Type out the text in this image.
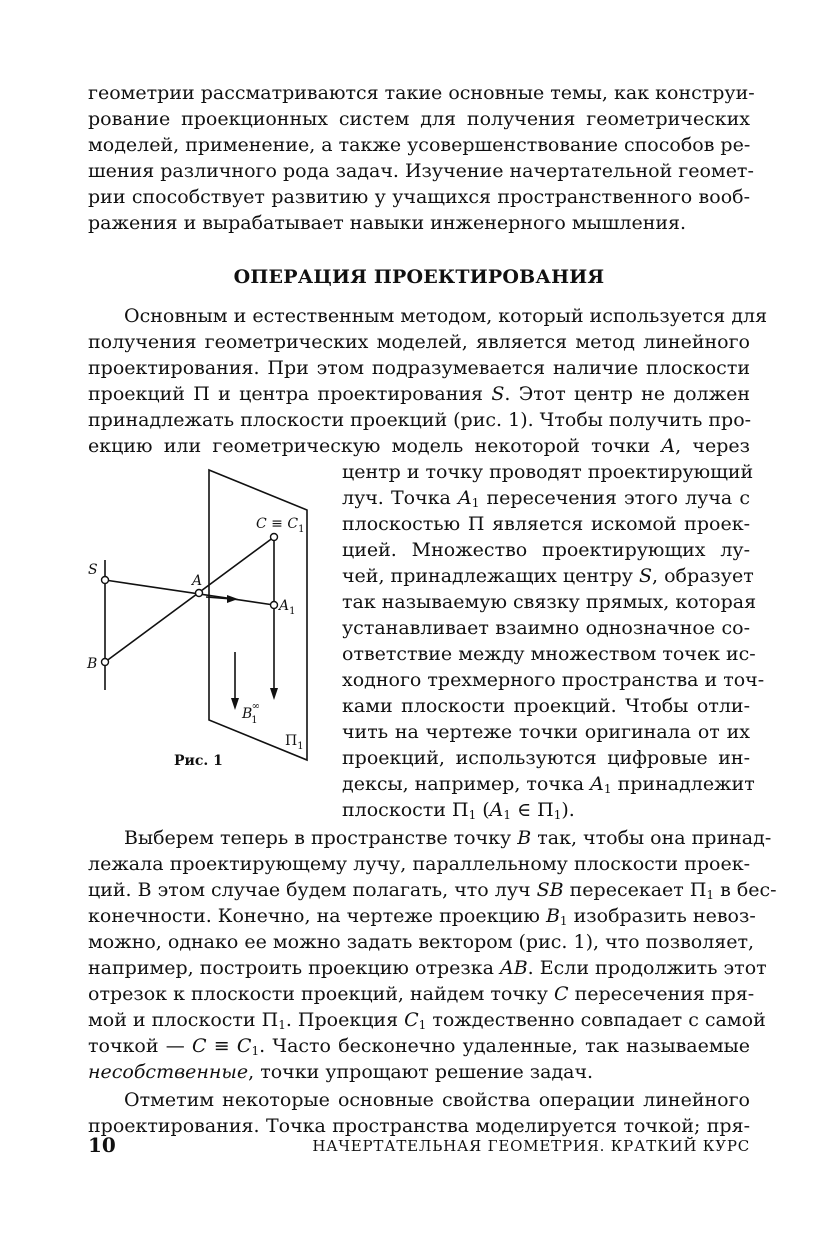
геометрии рассматриваются такие основные темы, как конструи-
рование проекционных систем для получения геометрических
моделей, применение, а также усовершенствование способов ре-
шения различного рода задач. Изучение начертательной геомет-
рии способствует развитию у учащихся пространственного вооб-
ражения и вырабатывает навыки инженерного мышления.
ОПЕРАЦИЯ ПРОЕКТИРОВАНИЯ
Основным и естественным методом, который используется для
получения геометрических моделей, является метод линейного
проектирования. При этом подразумевается наличие плоскости
проекций П и центра проектирования S. Этот центр не должен
принадлежать плоскости проекций (рис. 1). Чтобы получить про-
екцию или геометрическую модель некоторой точки A, через
центр и точку проводят проектирующий
луч. Точка $A_1$ пересечения этого луча с
плоскостью П является искомой проек-
цией. Множество проектирующих лу-
чей, принадлежащих центру S, образует
так называемую связку прямых, которая
устанавливает взаимно однозначное со-
ответствие между множеством точек ис-
ходного трехмерного пространства и точ-
ками плоскости проекций. Чтобы отли-
чить на чертеже точки оригинала от их
проекций, используются цифровые ин-
дексы, например, точка $A_1$ принадлежит
плоскости $П_1$ ($A_1$ ∈ $П_1$).
S
B
A
$C \equiv C_1$
$A_1$
B1∞
$П_1$
Рис. 1
Выберем теперь в пространстве точку B так, чтобы она принад-
лежала проектирующему лучу, параллельному плоскости проек-
ций. В этом случае будем полагать, что луч SB пересекает $П_1$ в бес-
конечности. Конечно, на чертеже проекцию $B_1$ изобразить невоз-
можно, однако ее можно задать вектором (рис. 1), что позволяет,
например, построить проекцию отрезка AB. Если продолжить этот
отрезок к плоскости проекций, найдем точку C пересечения пря-
мой и плоскости $П_1$. Проекция $C_1$ тождественно совпадает с самой
точкой — $C \equiv C_1$. Часто бесконечно удаленные, так называемые
несобственные, точки упрощают решение задач.
Отметим некоторые основные свойства операции линейного
проектирования. Точка пространства моделируется точкой; пря-
10	НАЧЕРТАТЕЛЬНАЯ ГЕОМЕТРИЯ. КРАТКИЙ КУРС
